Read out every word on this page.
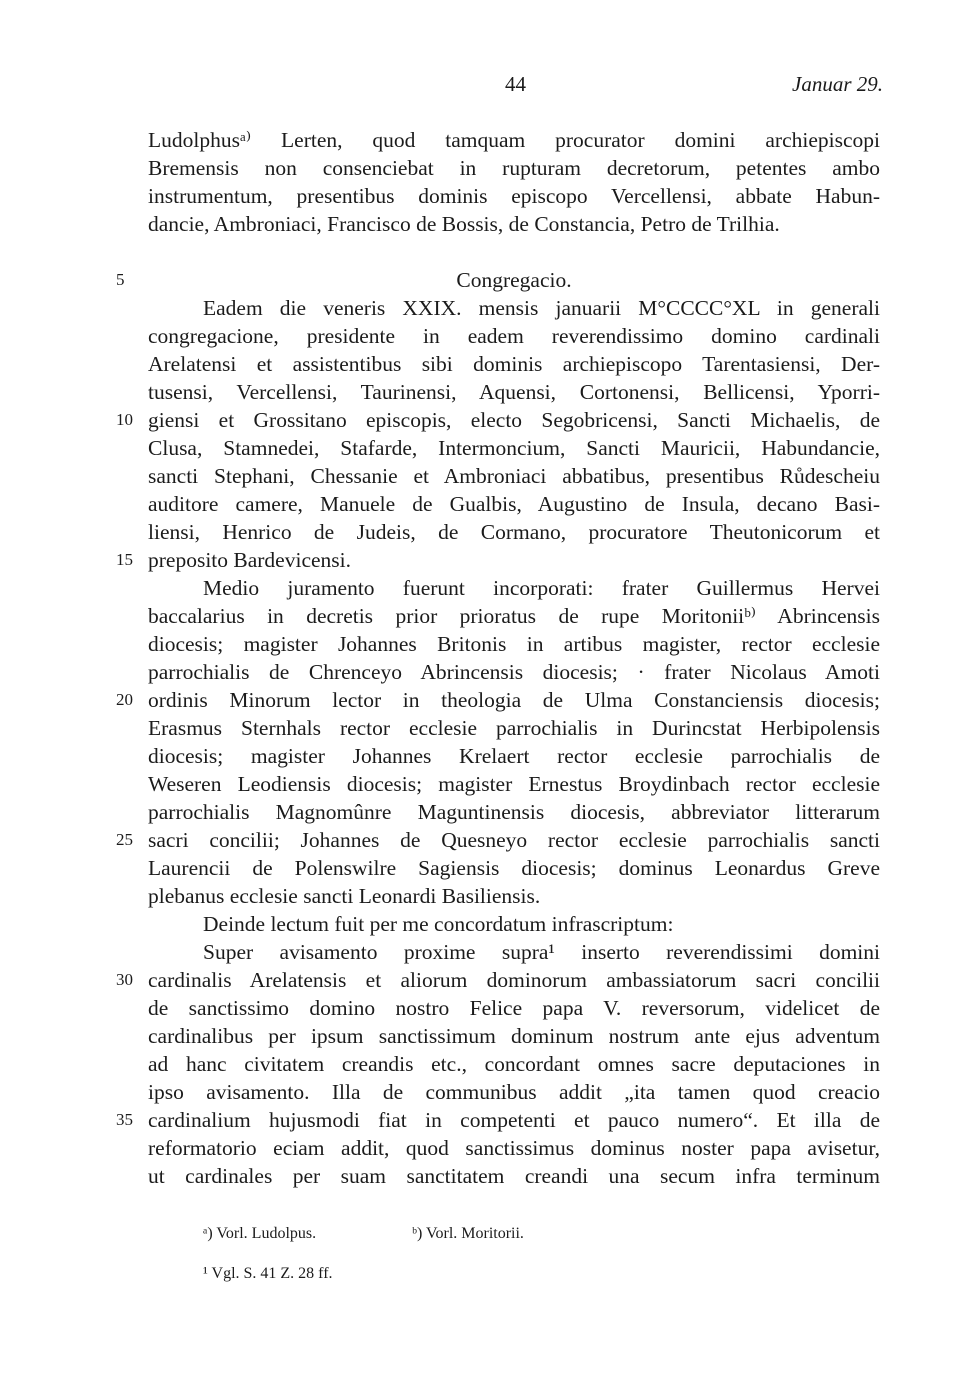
44	Januar 29.
Ludolphusᵃ⁾ Lerten, quod tamquam procurator domini archiepiscopi
Bremensis non consenciebat in rupturam decretorum, petentes ambo
instrumentum, presentibus dominis episcopo Vercellensi, abbate Habun-
dancie, Ambroniaci, Francisco de Bossis, de Constancia, Petro de Trilhia.
Congregacio.
Eadem die veneris XXIX. mensis januarii M°CCCC°XL in generali
congregacione, presidente in eadem reverendissimo domino cardinali
Arelatensi et assistentibus sibi dominis archiepiscopo Tarentasiensi, Der-
tusensi, Vercellensi, Taurinensi, Aquensi, Cortonensi, Bellicensi, Yporri-
giensi et Grossitano episcopis, electo Segobricensi, Sancti Michaelis, de
Clusa, Stamnedei, Stafarde, Intermoncium, Sancti Mauricii, Habundancie,
sancti Stephani, Chessanie et Ambroniaci abbatibus, presentibus Růdescheiu
auditore camere, Manuele de Gualbis, Augustino de Insula, decano Basi-
liensi, Henrico de Judeis, de Cormano, procuratore Theutonicorum et
preposito Bardevicensi.
Medio juramento fuerunt incorporati: frater Guillermus Hervei
baccalarius in decretis prior prioratus de rupe Moritoniiᵇ⁾ Abrincensis
diocesis; magister Johannes Britonis in artibus magister, rector ecclesie
parrochialis de Chrenceyo Abrincensis diocesis; · frater Nicolaus Amoti
ordinis Minorum lector in theologia de Ulma Constanciensis diocesis;
Erasmus Sternhals rector ecclesie parrochialis in Durincstat Herbipolensis
diocesis; magister Johannes Krelaert rector ecclesie parrochialis de
Weseren Leodiensis diocesis; magister Ernestus Broydinbach rector ecclesie
parrochialis Magnomûnre Maguntinensis diocesis, abbreviator litterarum
sacri concilii; Johannes de Quesneyo rector ecclesie parrochialis sancti
Laurencii de Polenswilre Sagiensis diocesis; dominus Leonardus Greve
plebanus ecclesie sancti Leonardi Basiliensis.
Deinde lectum fuit per me concordatum infrascriptum:
Super avisamento proxime supra¹ inserto reverendissimi domini
cardinalis Arelatensis et aliorum dominorum ambassiatorum sacri concilii
de sanctissimo domino nostro Felice papa V. reversorum, videlicet de
cardinalibus per ipsum sanctissimum dominum nostrum ante ejus adventum
ad hanc civitatem creandis etc., concordant omnes sacre deputaciones in
ipso avisamento. Illa de communibus addit „ita tamen quod creacio
cardinalium hujusmodi fiat in competenti et pauco numero“. Et illa de
reformatorio eciam addit, quod sanctissimus dominus noster papa avisetur,
ut cardinales per suam sanctitatem creandi una secum infra terminum
5
10
15
20
25
30
35
ᵃ) Vorl. Ludolpus.	ᵇ) Vorl. Moritorii.
¹ Vgl. S. 41 Z. 28 ff.
